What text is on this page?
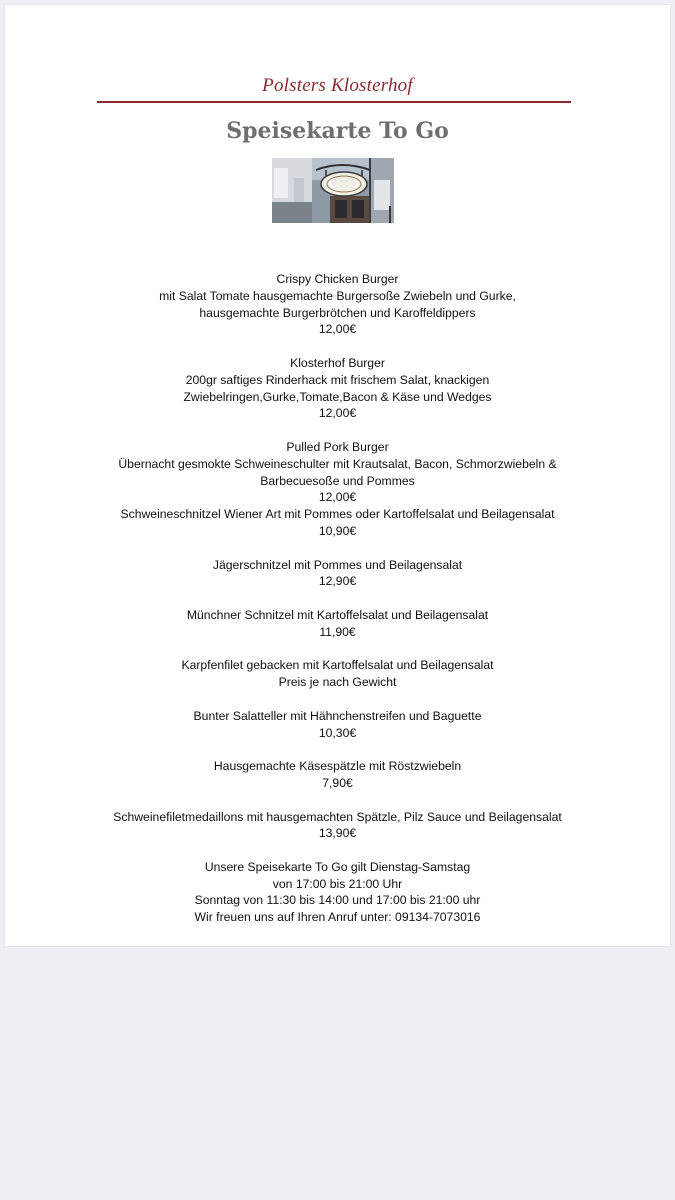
Polsters Klosterhof
Speisekarte To Go

Crispy Chicken Burger

mit Salat Tomate hausgemachte Burgersoße Zwiebeln und Gurke,

hausgemachte Burgerbrötchen und Karoffeldippers

12,00€

Klosterhof Burger

200gr saftiges Rinderhack mit frischem Salat, knackigen

Zwiebelringen,Gurke,Tomate,Bacon & Käse und Wedges

12,00€

Pulled Pork Burger

Übernacht gesmokte Schweineschulter mit Krautsalat, Bacon, Schmorzwiebeln &

Barbecuesoße und Pommes

12,00€

Schweineschnitzel Wiener Art mit Pommes oder Kartoffelsalat und Beilagensalat

10,90€

Jägerschnitzel mit Pommes und Beilagensalat

12,90€

Münchner Schnitzel mit Kartoffelsalat und Beilagensalat

11,90€

Karpfenfilet gebacken mit Kartoffelsalat und Beilagensalat

Preis je nach Gewicht

Bunter Salatteller mit Hähnchenstreifen und Baguette

10,30€

Hausgemachte Käsespätzle mit Röstzwiebeln

7,90€

Schweinefiletmedaillons mit hausgemachten Spätzle, Pilz Sauce und Beilagensalat

13,90€

Unsere Speisekarte To Go gilt Dienstag-Samstag

von 17:00 bis 21:00 Uhr

Sonntag von 11:30 bis 14:00 und 17:00 bis 21:00 uhr

Wir freuen uns auf Ihren Anruf unter: 09134-7073016
